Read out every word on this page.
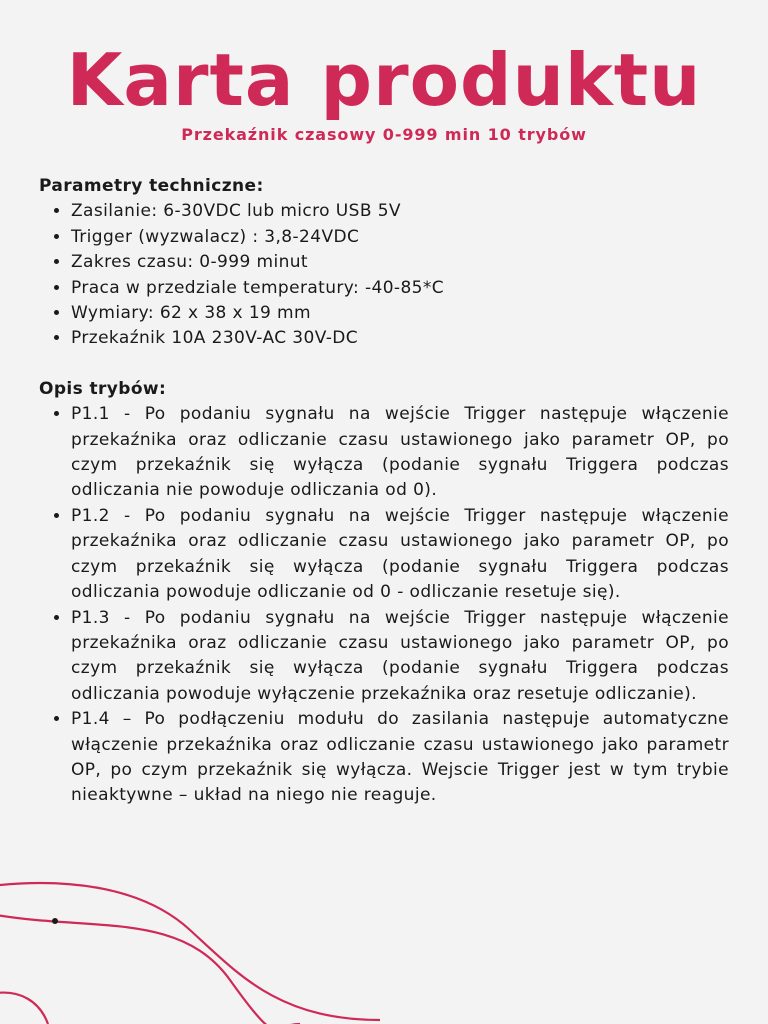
Karta produktu
Przekaźnik czasowy 0-999 min 10 trybów

Parametry techniczne:

• Zasilanie: 6-30VDC lub micro USB 5V
• Trigger (wyzwalacz) : 3,8-24VDC
• Zakres czasu: 0-999 minut
• Praca w przedziale temperatury: -40-85*C
• Wymiary: 62 x 38 x 19 mm
• Przekaźnik 10A 230V-AC 30V-DC

Opis trybów:

• P1.1 - Po podaniu sygnału na wejście Trigger następuje włączenie przekaźnika oraz odliczanie czasu ustawionego jako parametr OP, po czym przekaźnik się wyłącza (podanie sygnału Triggera podczas odliczania nie powoduje odliczania od 0).
• P1.2 - Po podaniu sygnału na wejście Trigger następuje włączenie przekaźnika oraz odliczanie czasu ustawionego jako parametr OP, po czym przekaźnik się wyłącza (podanie sygnału Triggera podczas odliczania powoduje odliczanie od 0 - odliczanie resetuje się).
• P1.3 - Po podaniu sygnału na wejście Trigger następuje włączenie przekaźnika oraz odliczanie czasu ustawionego jako parametr OP, po czym przekaźnik się wyłącza (podanie sygnału Triggera podczas odliczania powoduje wyłączenie przekaźnika oraz resetuje odliczanie).
• P1.4 – Po podłączeniu modułu do zasilania następuje automatyczne włączenie przekaźnika oraz odliczanie czasu ustawionego jako parametr OP, po czym przekaźnik się wyłącza. Wejscie Trigger jest w tym trybie nieaktywne – układ na niego nie reaguje.
